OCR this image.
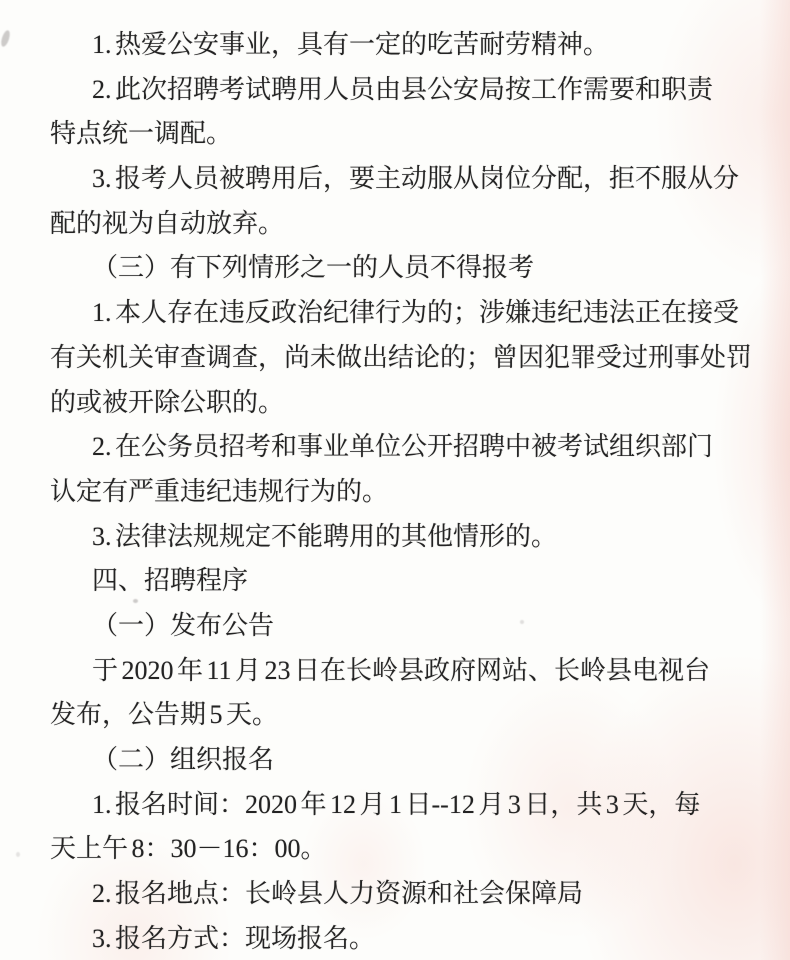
1. 热爱公安事业，具有一定的吃苦耐劳精神。
2. 此次招聘考试聘用人员由县公安局按工作需要和职责
特点统一调配。
3. 报考人员被聘用后，要主动服从岗位分配，拒不服从分
配的视为自动放弃。
（三）有下列情形之一的人员不得报考
1. 本人存在违反政治纪律行为的；涉嫌违纪违法正在接受
有关机关审查调查，尚未做出结论的；曾因犯罪受过刑事处罚
的或被开除公职的。
2. 在公务员招考和事业单位公开招聘中被考试组织部门
认定有严重违纪违规行为的。
3. 法律法规规定不能聘用的其他情形的。
四、招聘程序
（一）发布公告
于 2020 年 11 月 23 日在长岭县政府网站、长岭县电视台
发布，公告期 5 天。
（二）组织报名
1. 报名时间：2020 年 12 月 1 日--12 月 3 日，共 3 天，每
天上午 8：30－16：00。
2. 报名地点：长岭县人力资源和社会保障局
3. 报名方式：现场报名。
